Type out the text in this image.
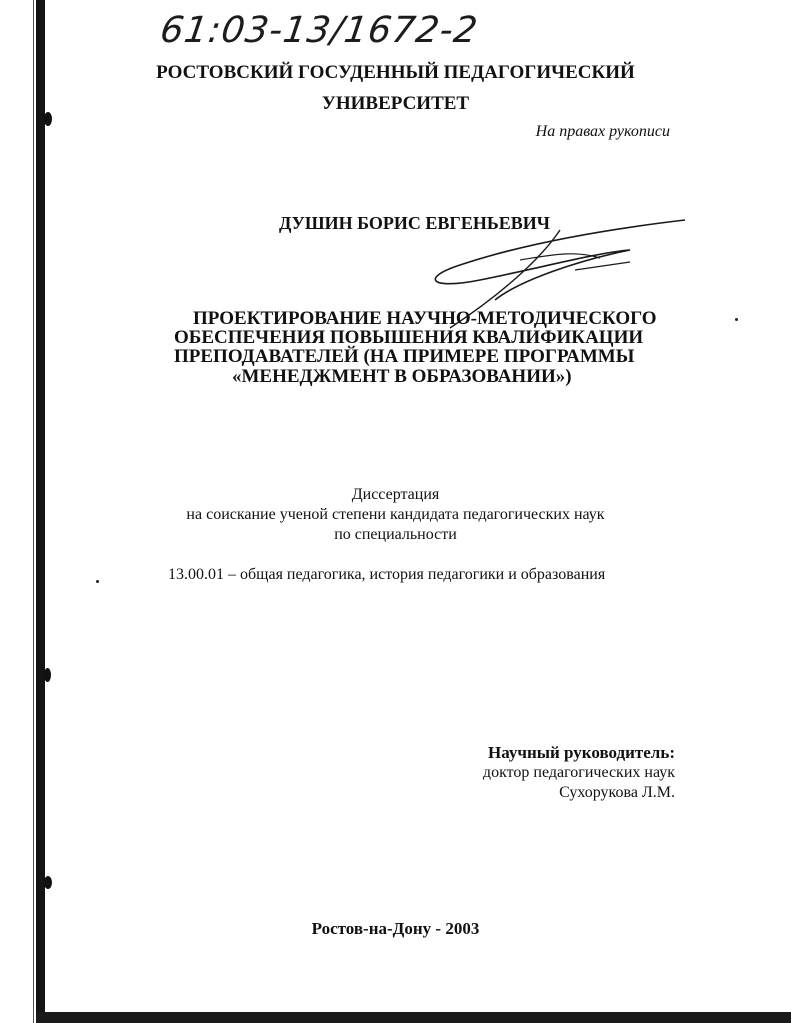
61:03-13/1672-2
РОСТОВСКИЙ ГОСУДЕННЫЙ ПЕДАГОГИЧЕСКИЙ
УНИВЕРСИТЕТ
На правах рукописи
ДУШИН БОРИС ЕВГЕНЬЕВИЧ
ПРОЕКТИРОВАНИЕ НАУЧНО-МЕТОДИЧЕСКОГО
ОБЕСПЕЧЕНИЯ ПОВЫШЕНИЯ КВАЛИФИКАЦИИ
ПРЕПОДАВАТЕЛЕЙ (НА ПРИМЕРЕ ПРОГРАММЫ
«МЕНЕДЖМЕНТ В ОБРАЗОВАНИИ»)
Диссертация
на соискание ученой степени кандидата педагогических наук
по специальности
13.00.01 – общая педагогика, история педагогики и образования
Научный руководитель:
доктор педагогических наук
Сухорукова Л.М.
Ростов-на-Дону - 2003
